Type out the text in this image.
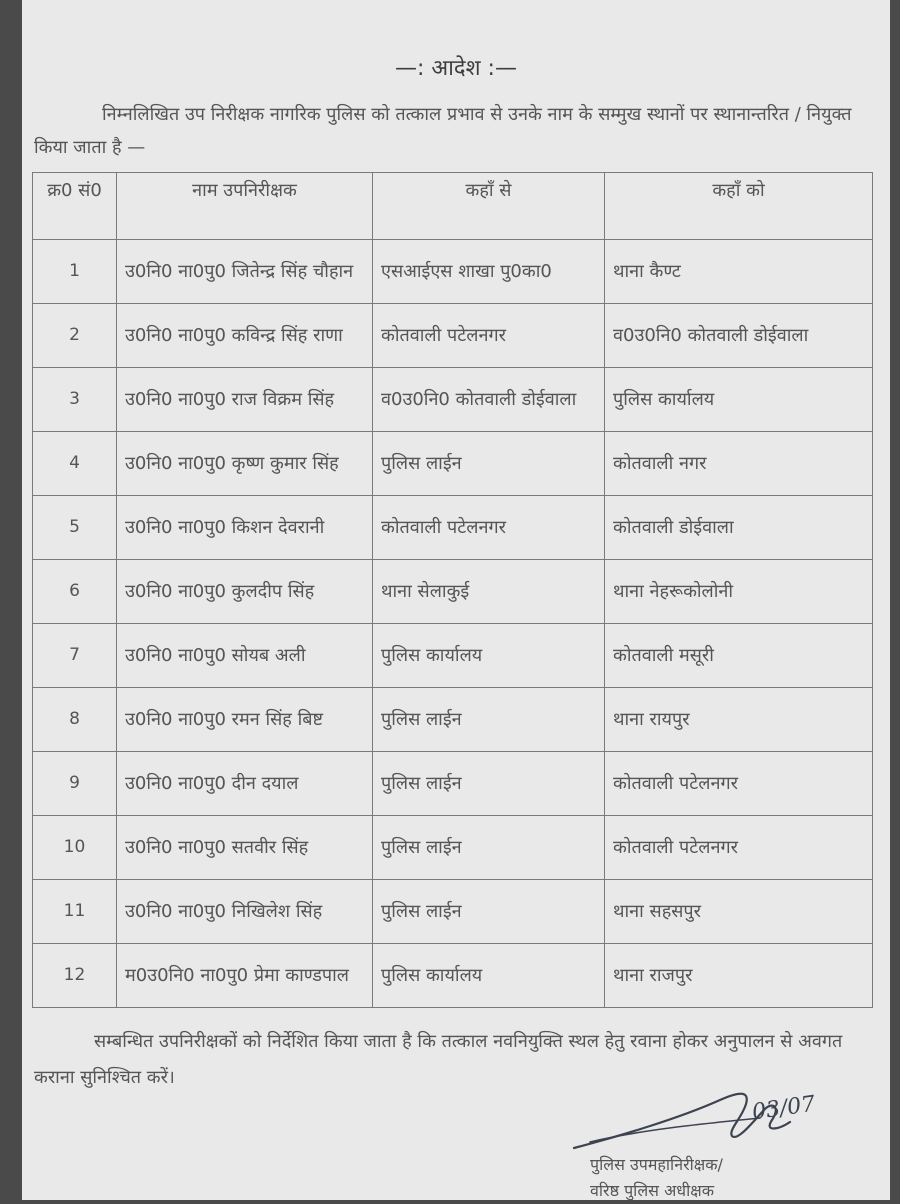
—: आदेश :—
निम्नलिखित उप निरीक्षक नागरिक पुलिस को तत्काल प्रभाव से उनके नाम के सम्मुख स्थानों पर स्थानान्तरित / नियुक्त किया जाता है —
क्र0 सं0	नाम उपनिरीक्षक	कहाँ से	कहाँ को
1	उ0नि0 ना0पु0 जितेन्द्र सिंह चौहान	एसआईएस शाखा पु0का0	थाना कैण्ट
2	उ0नि0 ना0पु0 कविन्द्र सिंह राणा	कोतवाली पटेलनगर	व0उ0नि0 कोतवाली डोईवाला
3	उ0नि0 ना0पु0 राज विक्रम सिंह	व0उ0नि0 कोतवाली डोईवाला	पुलिस कार्यालय
4	उ0नि0 ना0पु0 कृष्ण कुमार सिंह	पुलिस लाईन	कोतवाली नगर
5	उ0नि0 ना0पु0 किशन देवरानी	कोतवाली पटेलनगर	कोतवाली डोईवाला
6	उ0नि0 ना0पु0 कुलदीप सिंह	थाना सेलाकुई	थाना नेहरूकोलोनी
7	उ0नि0 ना0पु0 सोयब अली	पुलिस कार्यालय	कोतवाली मसूरी
8	उ0नि0 ना0पु0 रमन सिंह बिष्ट	पुलिस लाईन	थाना रायपुर
9	उ0नि0 ना0पु0 दीन दयाल	पुलिस लाईन	कोतवाली पटेलनगर
10	उ0नि0 ना0पु0 सतवीर सिंह	पुलिस लाईन	कोतवाली पटेलनगर
11	उ0नि0 ना0पु0 निखिलेश सिंह	पुलिस लाईन	थाना सहसपुर
12	म0उ0नि0 ना0पु0 प्रेमा काण्डपाल	पुलिस कार्यालय	थाना राजपुर
सम्बन्धित उपनिरीक्षकों को निर्देशित किया जाता है कि तत्काल नवनियुक्ति स्थल हेतु रवाना होकर अनुपालन से अवगत कराना सुनिश्चित करें।
03/07
पुलिस उपमहानिरीक्षक/
वरिष्ठ पुलिस अधीक्षक
